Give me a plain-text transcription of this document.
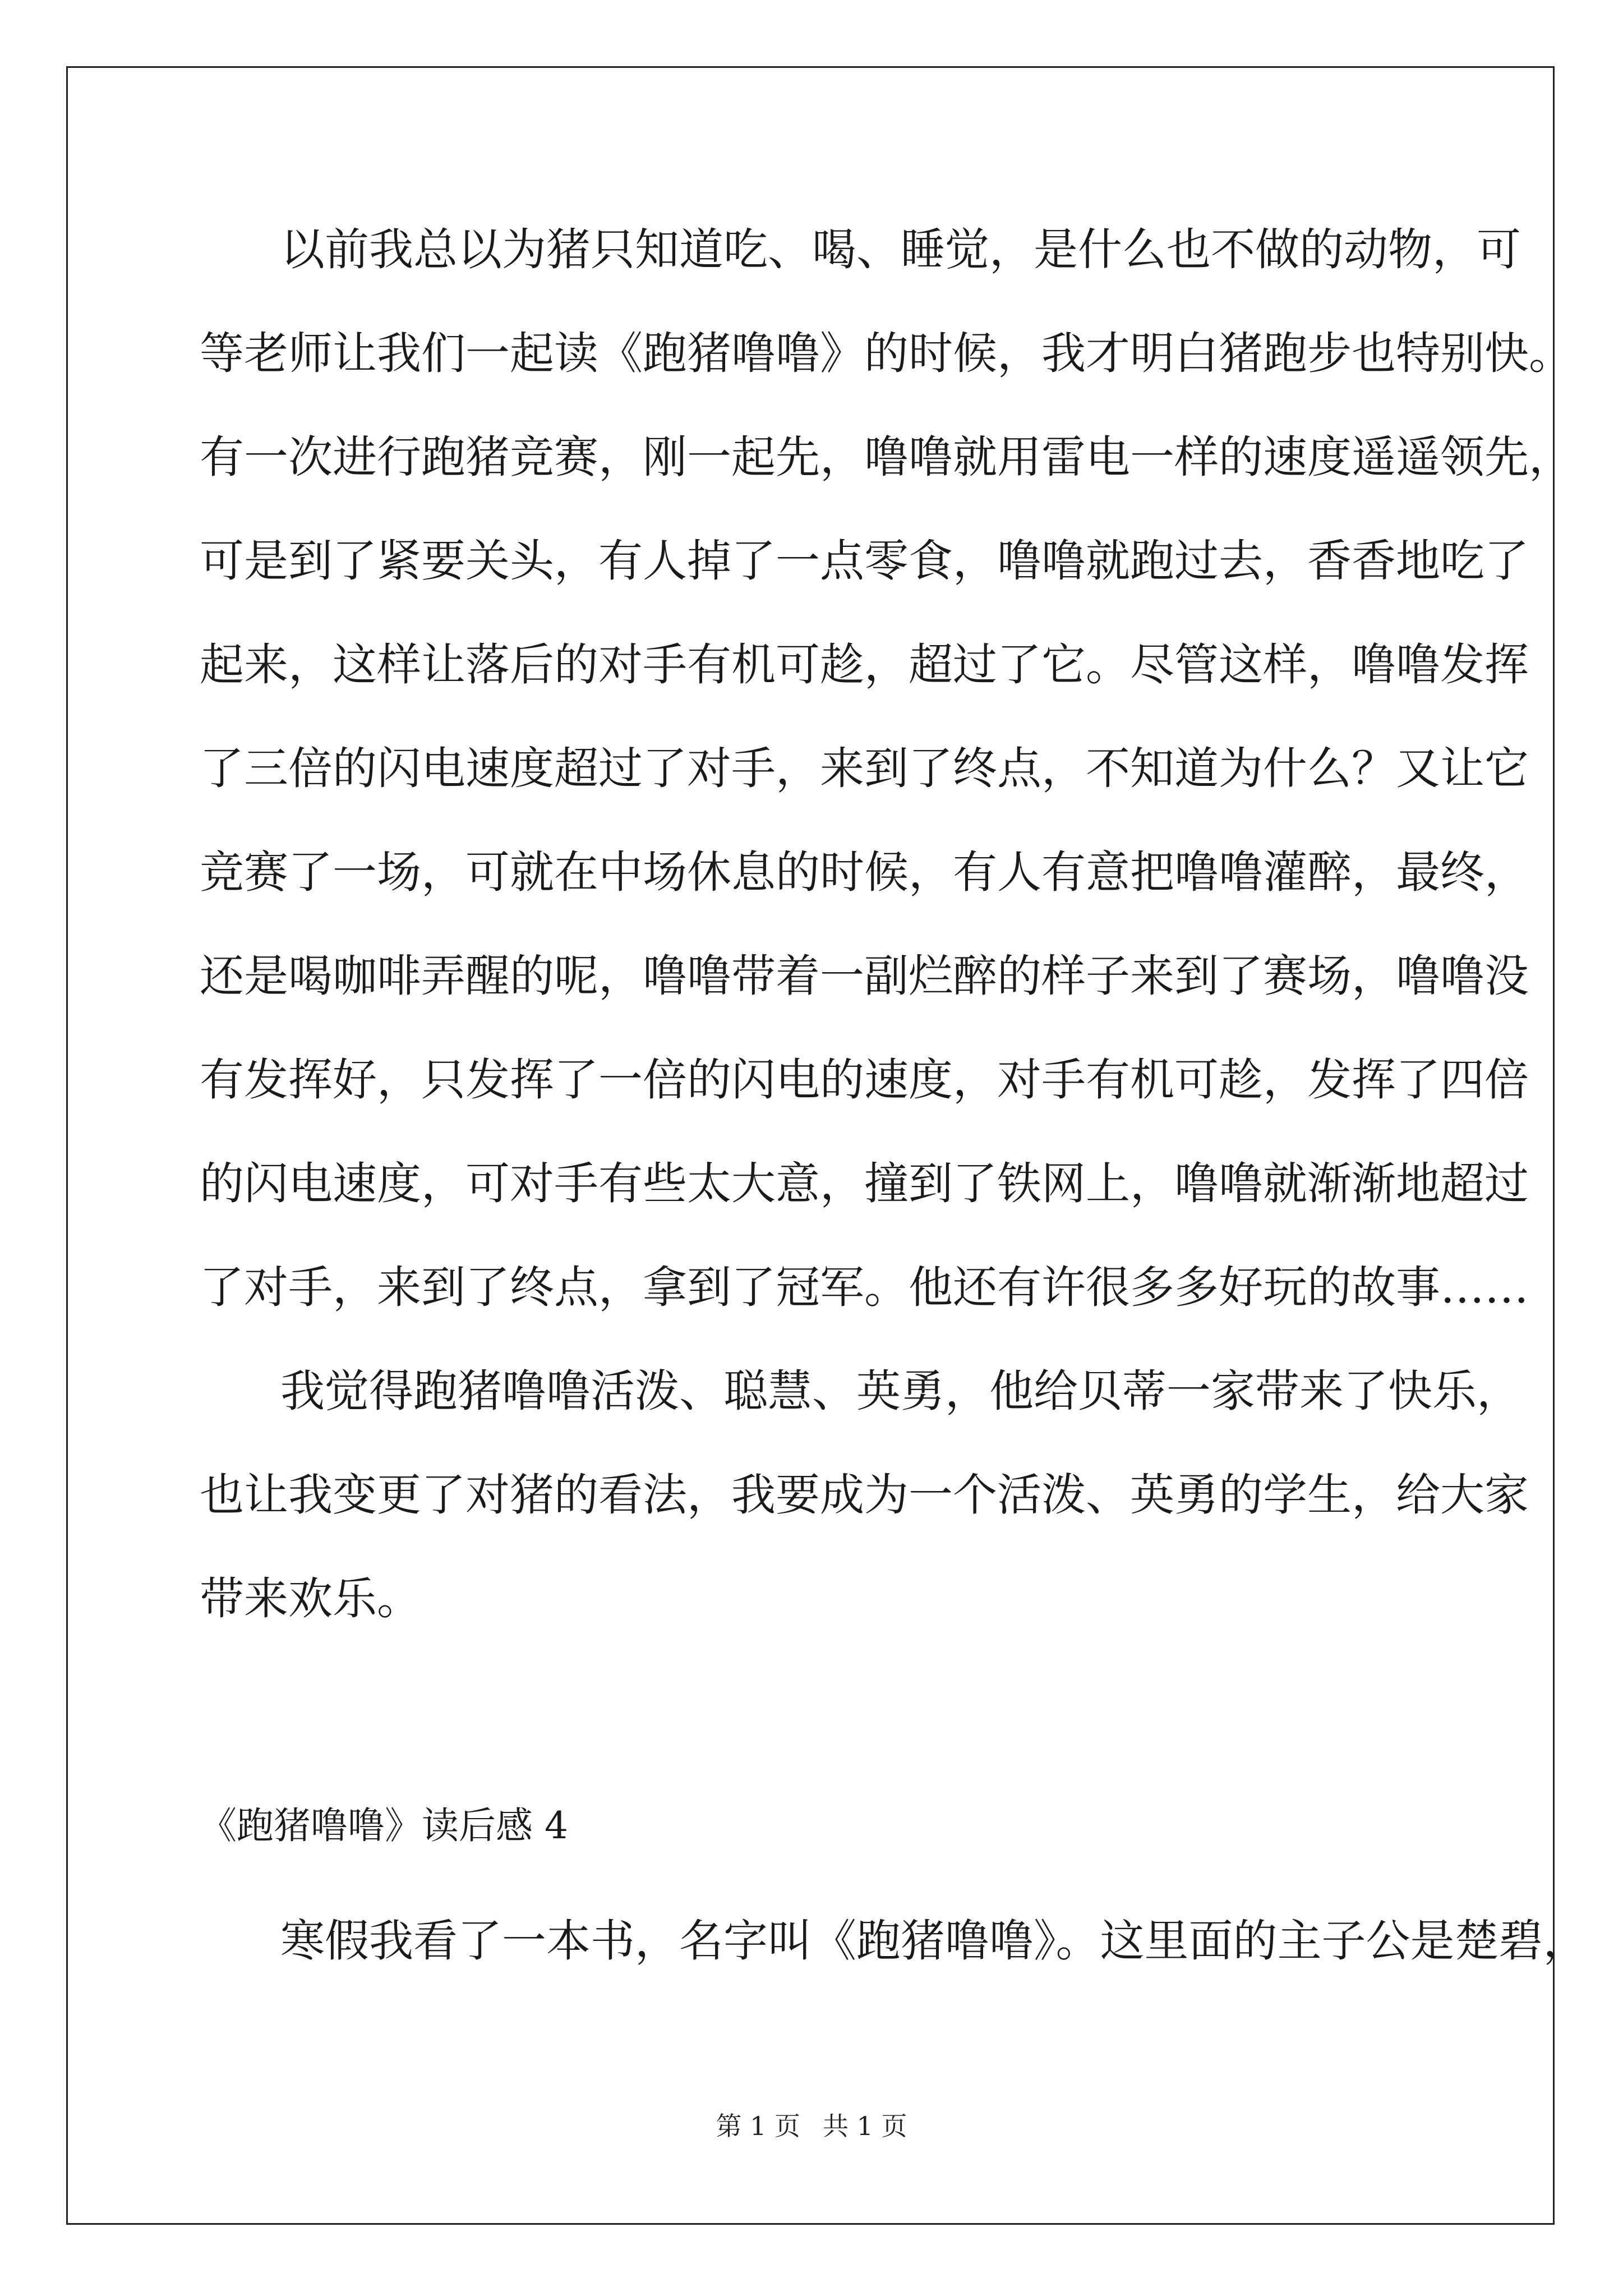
以前我总以为猪只知道吃、喝、睡觉，是什么也不做的动物，可
等老师让我们一起读《跑猪噜噜》的时候，我才明白猪跑步也特别快。
有一次进行跑猪竞赛，刚一起先，噜噜就用雷电一样的速度遥遥领先，
可是到了紧要关头，有人掉了一点零食，噜噜就跑过去，香香地吃了
起来，这样让落后的对手有机可趁，超过了它。尽管这样，噜噜发挥
了三倍的闪电速度超过了对手，来到了终点，不知道为什么？又让它
竞赛了一场，可就在中场休息的时候，有人有意把噜噜灌醉，最终，
还是喝咖啡弄醒的呢，噜噜带着一副烂醉的样子来到了赛场，噜噜没
有发挥好，只发挥了一倍的闪电的速度，对手有机可趁，发挥了四倍
的闪电速度，可对手有些太大意，撞到了铁网上，噜噜就渐渐地超过
了对手，来到了终点，拿到了冠军。他还有许很多多好玩的故事……
我觉得跑猪噜噜活泼、聪慧、英勇，他给贝蒂一家带来了快乐，
也让我变更了对猪的看法，我要成为一个活泼、英勇的学生，给大家
带来欢乐。
《跑猪噜噜》读后感 4
寒假我看了一本书，名字叫《跑猪噜噜》。这里面的主子公是楚碧，
第 1 页 共 1 页
